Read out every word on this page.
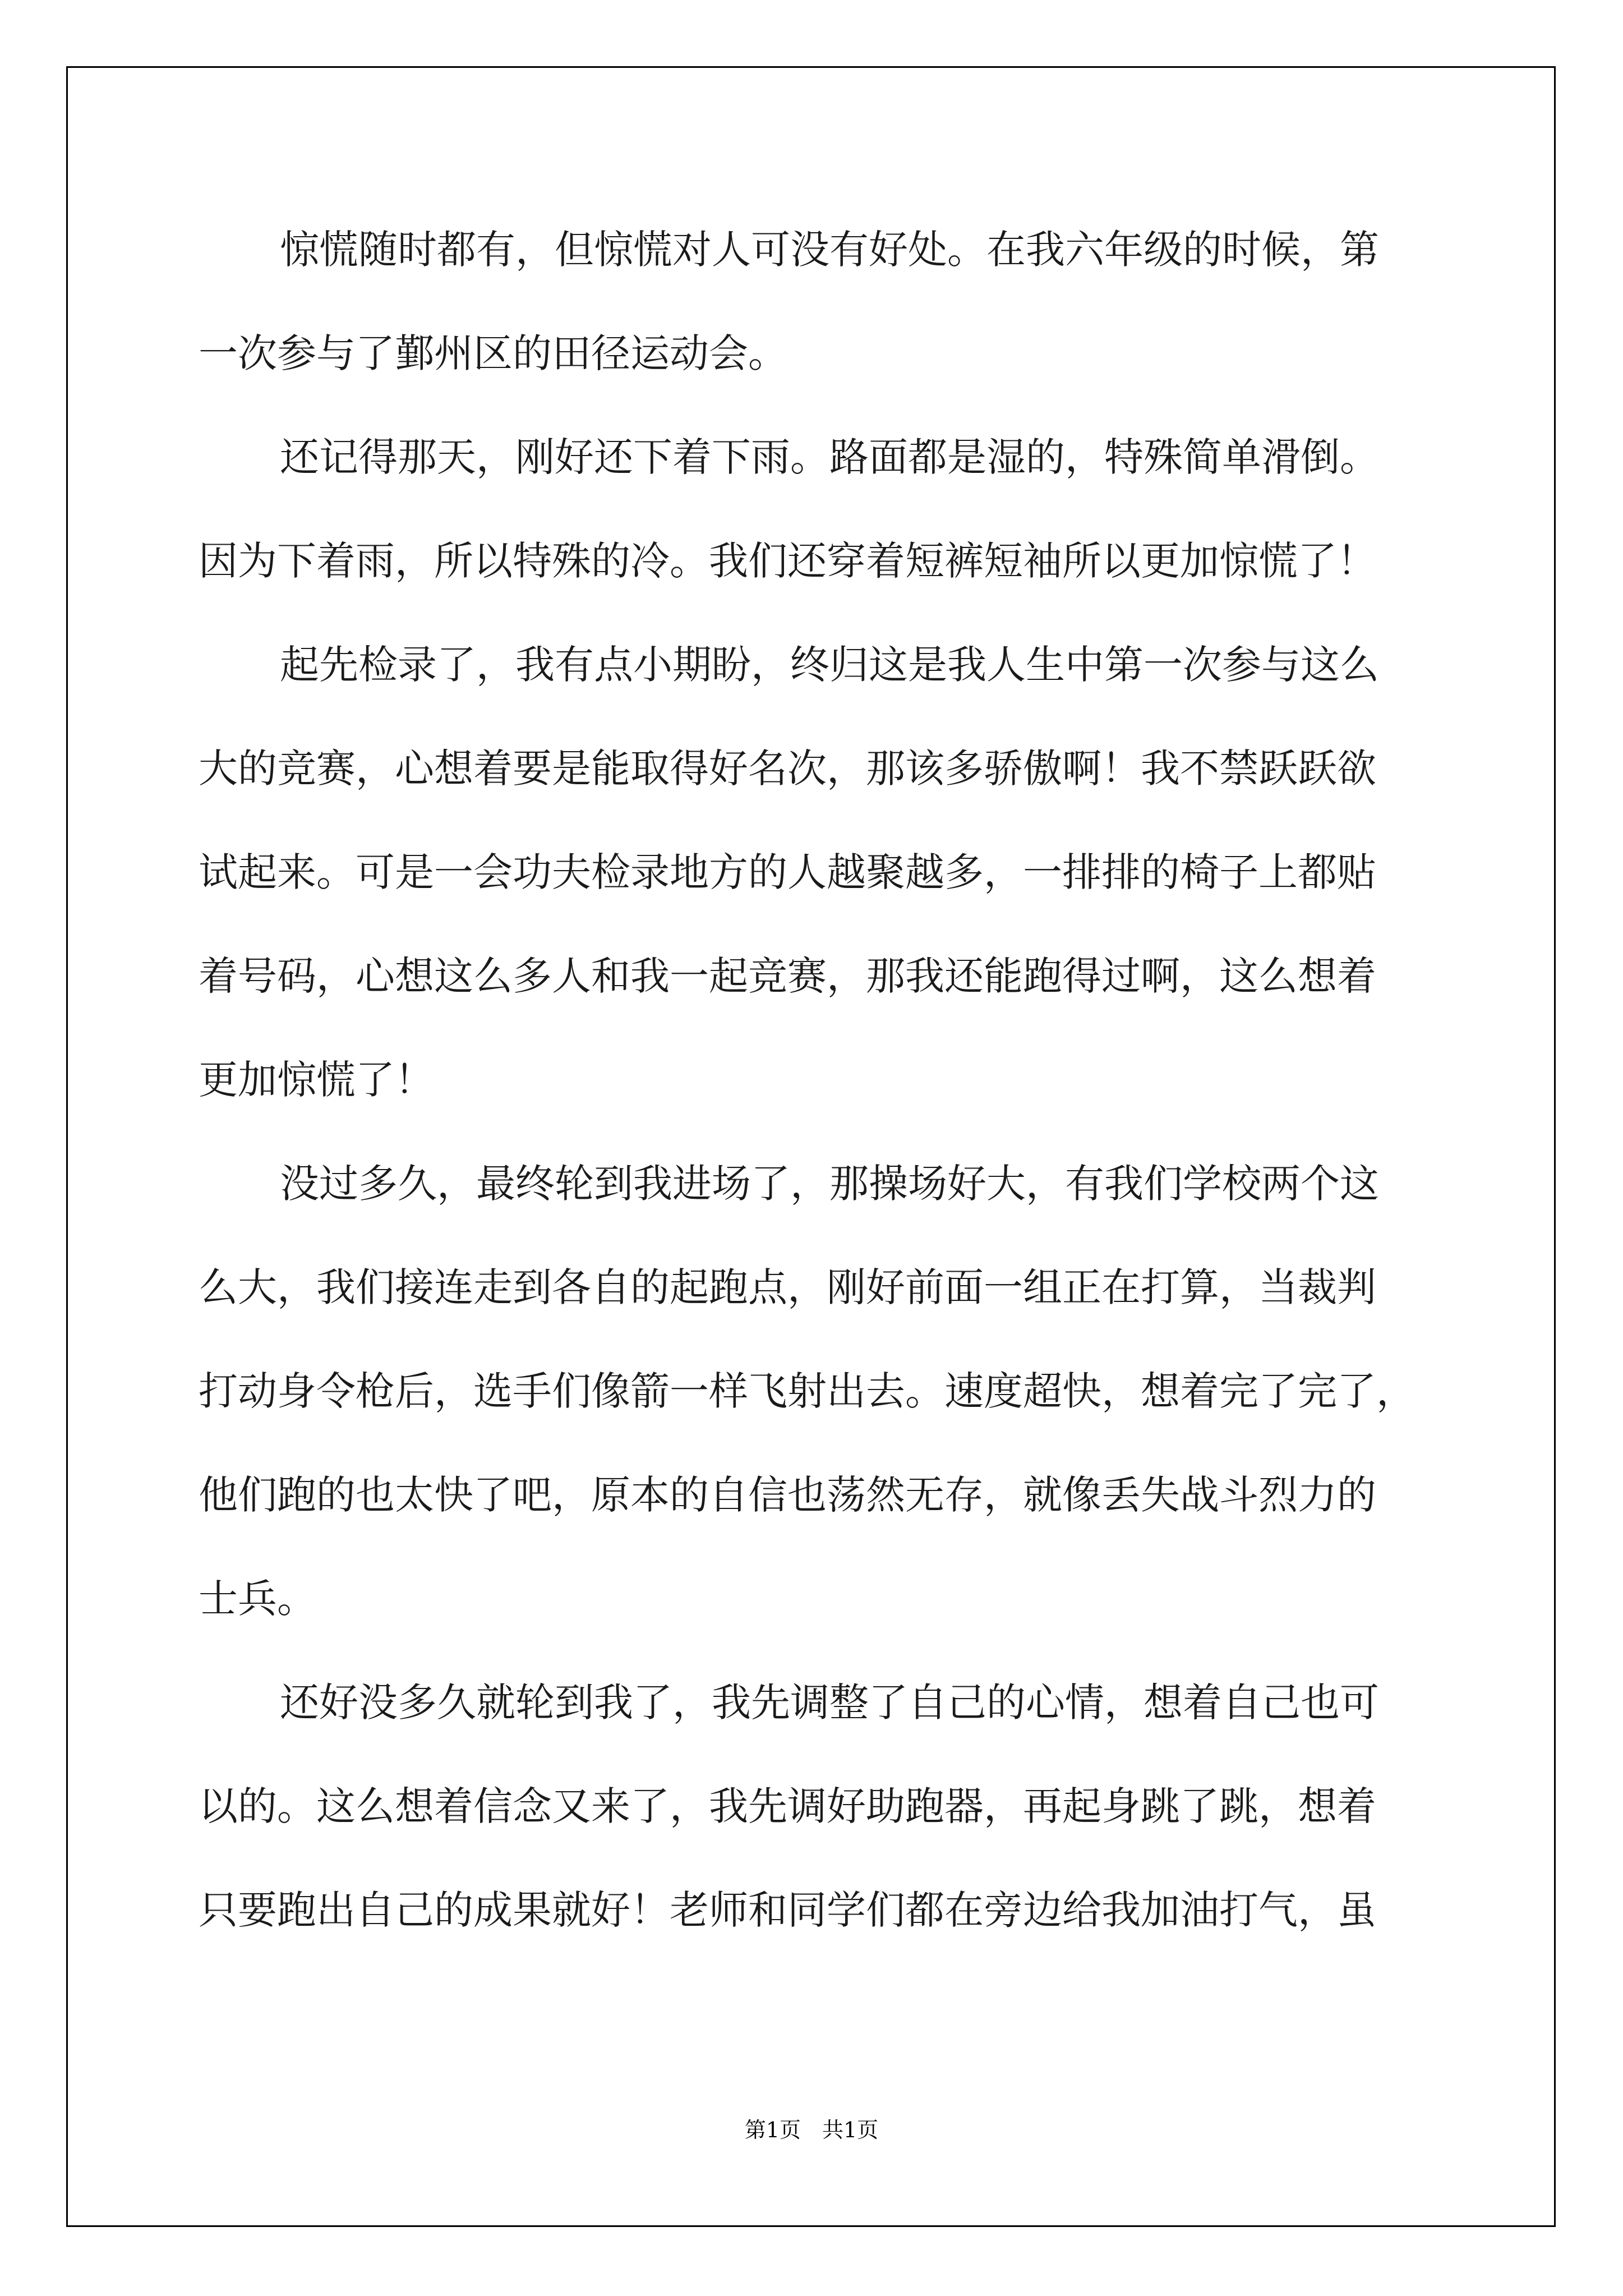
惊慌随时都有，但惊慌对人可没有好处。在我六年级的时候，第
一次参与了鄞州区的田径运动会。
还记得那天，刚好还下着下雨。路面都是湿的，特殊简单滑倒。
因为下着雨，所以特殊的冷。我们还穿着短裤短袖所以更加惊慌了！
起先检录了，我有点小期盼，终归这是我人生中第一次参与这么
大的竞赛，心想着要是能取得好名次，那该多骄傲啊！我不禁跃跃欲
试起来。可是一会功夫检录地方的人越聚越多，一排排的椅子上都贴
着号码，心想这么多人和我一起竞赛，那我还能跑得过啊，这么想着
更加惊慌了！
没过多久，最终轮到我进场了，那操场好大，有我们学校两个这
么大，我们接连走到各自的起跑点，刚好前面一组正在打算，当裁判
打动身令枪后，选手们像箭一样飞射出去。速度超快，想着完了完了，
他们跑的也太快了吧，原本的自信也荡然无存，就像丢失战斗烈力的
士兵。
还好没多久就轮到我了，我先调整了自己的心情，想着自己也可
以的。这么想着信念又来了，我先调好助跑器，再起身跳了跳，想着
只要跑出自己的成果就好！老师和同学们都在旁边给我加油打气，虽
第1页　共1页
